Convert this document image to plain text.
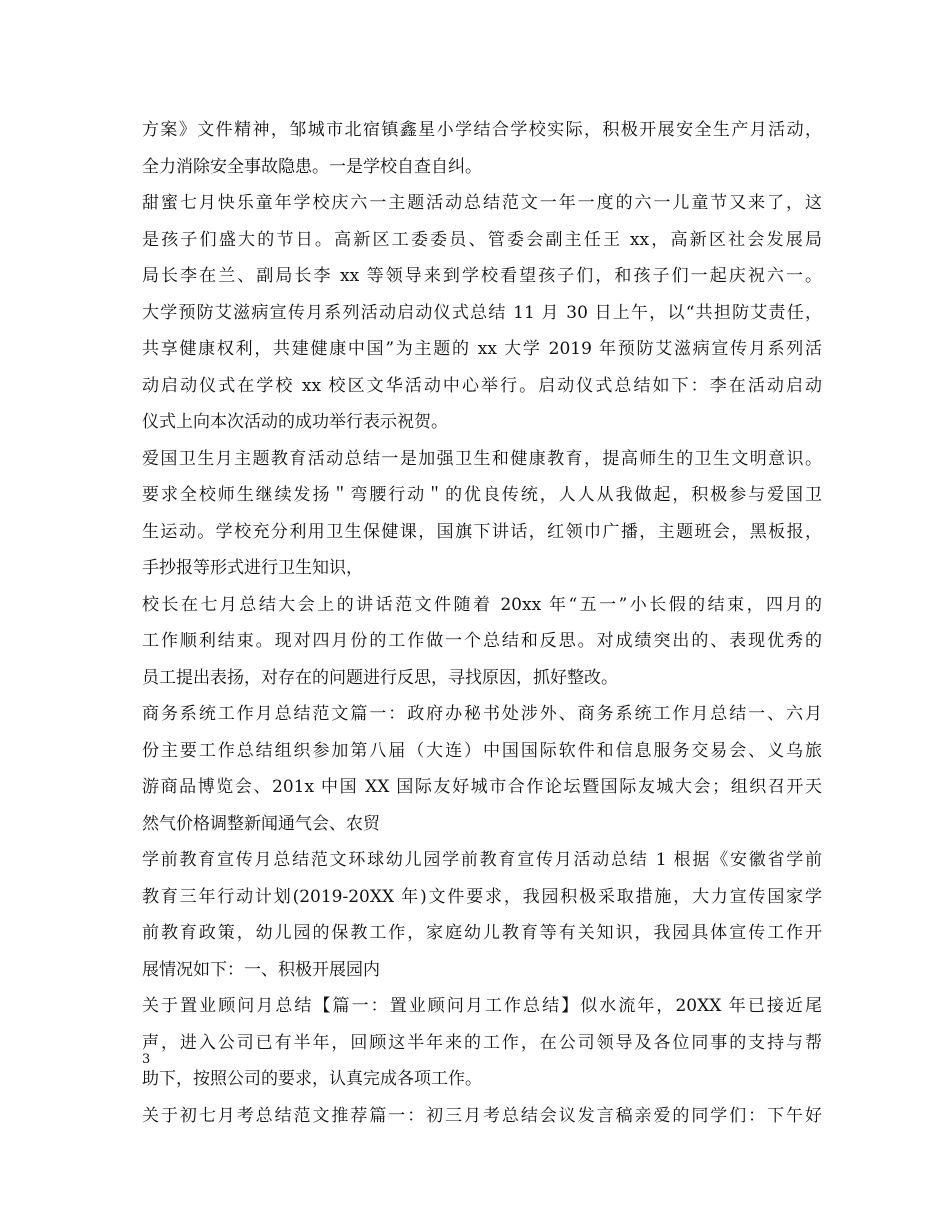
方案》文件精神，邹城市北宿镇鑫星小学结合学校实际，积极开展安全生产月活动，
全力消除安全事故隐患。一是学校自查自纠。
甜蜜七月快乐童年学校庆六一主题活动总结范文一年一度的六一儿童节又来了，这
是孩子们盛大的节日。高新区工委委员、管委会副主任王 xx，高新区社会发展局
局长李在兰、副局长李 xx 等领导来到学校看望孩子们，和孩子们一起庆祝六一。
大学预防艾滋病宣传月系列活动启动仪式总结 11 月 30 日上午，以“共担防艾责任，
共享健康权利，共建健康中国”为主题的 xx 大学 2019 年预防艾滋病宣传月系列活
动启动仪式在学校 xx 校区文华活动中心举行。启动仪式总结如下：李在活动启动
仪式上向本次活动的成功举行表示祝贺。
爱国卫生月主题教育活动总结一是加强卫生和健康教育，提高师生的卫生文明意识。
要求全校师生继续发扬＂弯腰行动＂的优良传统，人人从我做起，积极参与爱国卫
生运动。学校充分利用卫生保健课，国旗下讲话，红领巾广播，主题班会，黑板报，
手抄报等形式进行卫生知识，
校长在七月总结大会上的讲话范文件随着 20xx 年“五一”小长假的结束，四月的
工作顺利结束。现对四月份的工作做一个总结和反思。对成绩突出的、表现优秀的
员工提出表扬，对存在的问题进行反思，寻找原因，抓好整改。
商务系统工作月总结范文篇一：政府办秘书处涉外、商务系统工作月总结一、六月
份主要工作总结组织参加第八届（大连）中国国际软件和信息服务交易会、义乌旅
游商品博览会、201x 中国 XX 国际友好城市合作论坛暨国际友城大会；组织召开天
然气价格调整新闻通气会、农贸
学前教育宣传月总结范文环球幼儿园学前教育宣传月活动总结 1 根据《安徽省学前
教育三年行动计划(2019-20XX 年)文件要求，我园积极采取措施，大力宣传国家学
前教育政策，幼儿园的保教工作，家庭幼儿教育等有关知识，我园具体宣传工作开
展情况如下：一、积极开展园内
关于置业顾问月总结【篇一：置业顾问月工作总结】似水流年，20XX 年已接近尾
声，进入公司已有半年，回顾这半年来的工作，在公司领导及各位同事的支持与帮
助下，按照公司的要求，认真完成各项工作。
关于初七月考总结范文推荐篇一：初三月考总结会议发言稿亲爱的同学们：下午好
3
